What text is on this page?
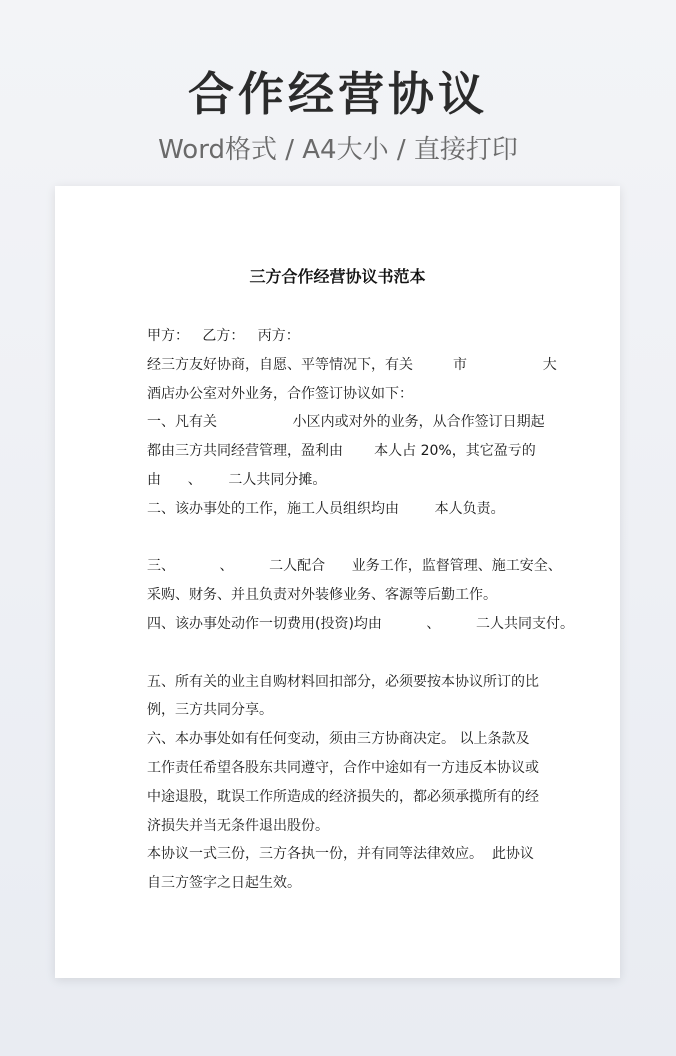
合作经营协议
Word格式 / A4大小 / 直接打印
三方合作经营协议书范本

甲方：   乙方：   丙方：

经三方友好协商，自愿、平等情况下，有关         市                 大

酒店办公室对外业务，合作签订协议如下：

一、凡有关                 小区内或对外的业务，从合作签订日期起

都由三方共同经营管理，盈利由       本人占 20%，其它盈亏的

由      、      二人共同分摊。

二、该办事处的工作，施工人员组织均由        本人负责。

三、          、        二人配合      业务工作，监督管理、施工安全、

采购、财务、并且负责对外装修业务、客源等后勤工作。

四、该办事处动作一切费用(投资)均由          、        二人共同支付。

五、所有关的业主自购材料回扣部分，必须要按本协议所订的比

例，三方共同分享。

六、本办事处如有任何变动，须由三方协商决定。 以上条款及

工作责任希望各股东共同遵守，合作中途如有一方违反本协议或

中途退股，耽误工作所造成的经济损失的，都必须承揽所有的经

济损失并当无条件退出股份。

本协议一式三份，三方各执一份，并有同等法律效应。  此协议

自三方签字之日起生效。
